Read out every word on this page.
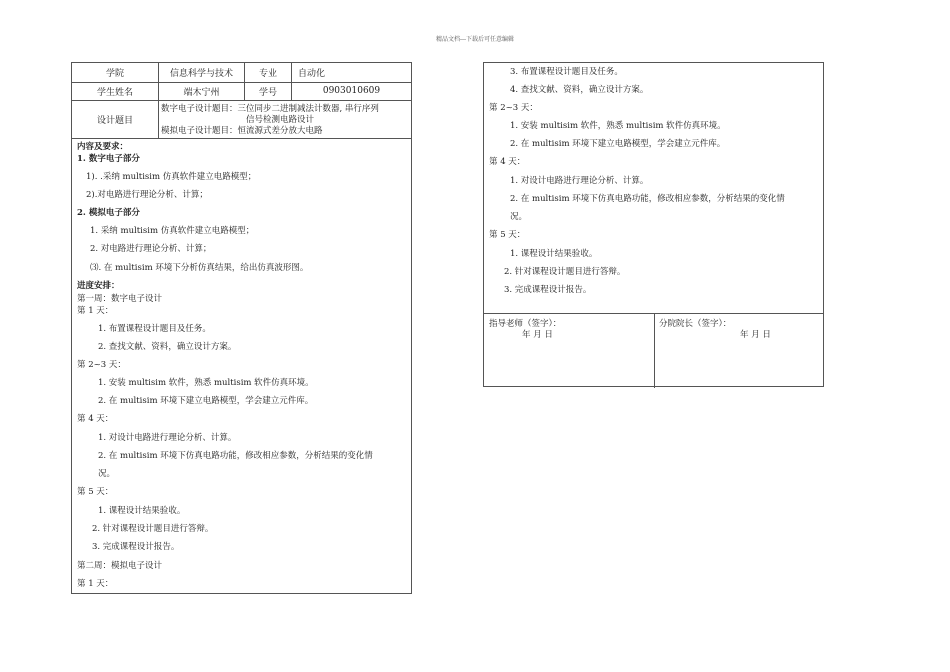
精品文档---下载后可任意编辑
学院	信息科学与技术	专业	自动化
学生姓名	端木宁州	学号	0903010609
设计题目
数字电子设计题目：三位同步二进制减法计数器, 串行序列
信号检测电路设计
模拟电子设计题目：恒流源式差分放大电路
内容及要求：
1. 数字电子部分
1). .采纳 multisim 仿真软件建立电路模型；
2).对电路进行理论分析、计算；
2. 模拟电子部分
1. 采纳 multisim 仿真软件建立电路模型；
2. 对电路进行理论分析、计算；
⑶. 在 multisim 环境下分析仿真结果，给出仿真波形图。
进度安排：
第一周：数字电子设计
第 1 天：
1. 布置课程设计题目及任务。
2. 查找文献、资料，确立设计方案。
第 2~3 天：
1. 安装 multisim 软件，熟悉 multisim 软件仿真环境。
2. 在 multisim 环境下建立电路模型，学会建立元件库。
第 4 天：
1. 对设计电路进行理论分析、计算。
2. 在 multisim 环境下仿真电路功能，修改相应参数，分析结果的变化情
况。
第 5 天：
1. 课程设计结果验收。
2. 针对课程设计题目进行答辩。
3. 完成课程设计报告。
第二周：模拟电子设计
第 1 天：
3. 布置课程设计题目及任务。
4. 查找文献、资料，确立设计方案。
第 2~3 天：
1. 安装 multisim 软件，熟悉 multisim 软件仿真环境。
2. 在 multisim 环境下建立电路模型，学会建立元件库。
第 4 天：
1. 对设计电路进行理论分析、计算。
2. 在 multisim 环境下仿真电路功能，修改相应参数，分析结果的变化情
况。
第 5 天：
1. 课程设计结果验收。
2. 针对课程设计题目进行答辩。
3. 完成课程设计报告。
指导老师（签字）：
年 月 日
分院院长（签字）：
年 月 日
